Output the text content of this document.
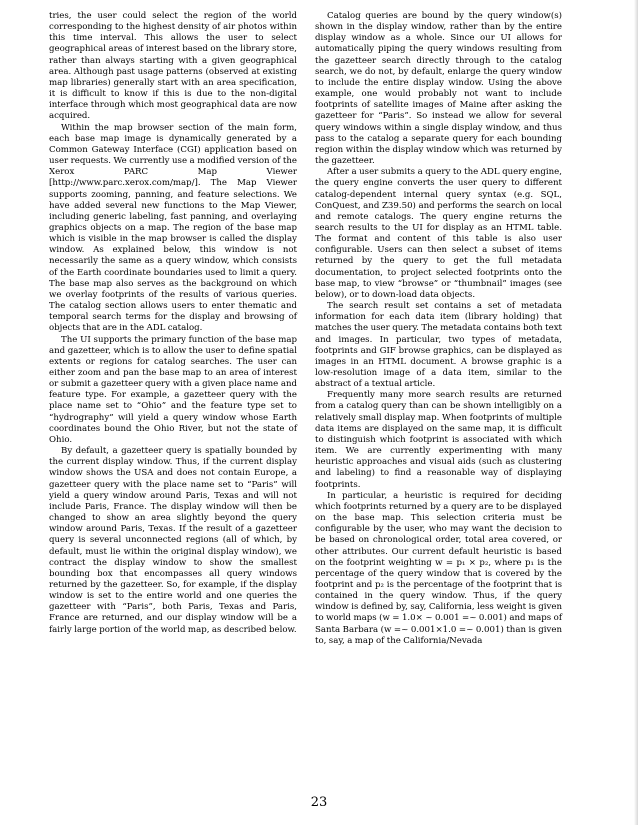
tries, the user could select the region of the world corresponding to the highest density of air photos within this time interval. This allows the user to select geographical areas of interest based on the library store, rather than always starting with a given geographical area. Although past usage patterns (observed at existing map libraries) generally start with an area specification, it is difficult to know if this is due to the non-digital interface through which most geographical data are now acquired.

Within the map browser section of the main form, each base map image is dynamically generated by a Common Gateway Interface (CGI) application based on user requests. We currently use a modified version of the Xerox PARC Map Viewer [http://www.parc.xerox.com/map/]. The Map Viewer supports zooming, panning, and feature selections. We have added several new functions to the Map Viewer, including generic labeling, fast panning, and overlaying graphics objects on a map. The region of the base map which is visible in the map browser is called the display window. As explained below, this window is not necessarily the same as a query window, which consists of the Earth coordinate boundaries used to limit a query. The base map also serves as the background on which we overlay footprints of the results of various queries. The catalog section allows users to enter thematic and temporal search terms for the display and browsing of objects that are in the ADL catalog.

The UI supports the primary function of the base map and gazetteer, which is to allow the user to define spatial extents or regions for catalog searches. The user can either zoom and pan the base map to an area of interest or submit a gazetteer query with a given place name and feature type. For example, a gazetteer query with the place name set to “Ohio” and the feature type set to “hydrography” will yield a query window whose Earth coordinates bound the Ohio River, but not the state of Ohio.

By default, a gazetteer query is spatially bounded by the current display window. Thus, if the current display window shows the USA and does not contain Europe, a gazetteer query with the place name set to “Paris” will yield a query window around Paris, Texas and will not include Paris, France. The display window will then be changed to show an area slightly beyond the query window around Paris, Texas. If the result of a gazetteer query is several unconnected regions (all of which, by default, must lie within the original display window), we contract the display window to show the smallest bounding box that encompasses all query windows returned by the gazetteer. So, for example, if the display window is set to the entire world and one queries the gazetteer with “Paris”, both Paris, Texas and Paris, France are returned, and our display window will be a fairly large portion of the world map, as described below.

Catalog queries are bound by the query window(s) shown in the display window, rather than by the entire display window as a whole. Since our UI allows for automatically piping the query windows resulting from the gazetteer search directly through to the catalog search, we do not, by default, enlarge the query window to include the entire display window. Using the above example, one would probably not want to include footprints of satellite images of Maine after asking the gazetteer for “Paris”. So instead we allow for several query windows within a single display window, and thus pass to the catalog a separate query for each bounding region within the display window which was returned by the gazetteer.

After a user submits a query to the ADL query engine, the query engine converts the user query to different catalog-dependent internal query syntax (e.g. SQL, ConQuest, and Z39.50) and performs the search on local and remote catalogs. The query engine returns the search results to the UI for display as an HTML table. The format and content of this table is also user configurable. Users can then select a subset of items returned by the query to get the full metadata documentation, to project selected footprints onto the base map, to view “browse” or “thumbnail” images (see below), or to down-load data objects.

The search result set contains a set of metadata information for each data item (library holding) that matches the user query. The metadata contains both text and images. In particular, two types of metadata, footprints and GIF browse graphics, can be displayed as images in an HTML document. A browse graphic is a low-resolution image of a data item, similar to the abstract of a textual article.

Frequently many more search results are returned from a catalog query than can be shown intelligibly on a relatively small display map. When footprints of multiple data items are displayed on the same map, it is difficult to distinguish which footprint is associated with which item. We are currently experimenting with many heuristic approaches and visual aids (such as clustering and labeling) to find a reasonable way of displaying footprints.

In particular, a heuristic is required for deciding which footprints returned by a query are to be displayed on the base map. This selection criteria must be configurable by the user, who may want the decision to be based on chronological order, total area covered, or other attributes. Our current default heuristic is based on the footprint weighting w = p₁ × p₂, where p₁ is the percentage of the query window that is covered by the footprint and p₂ is the percentage of the footprint that is contained in the query window. Thus, if the query window is defined by, say, California, less weight is given to world maps (w = 1.0× ~ 0.001 =~ 0.001) and maps of Santa Barbara (w =~ 0.001×1.0 =~ 0.001) than is given to, say, a map of the California/Nevada

23
